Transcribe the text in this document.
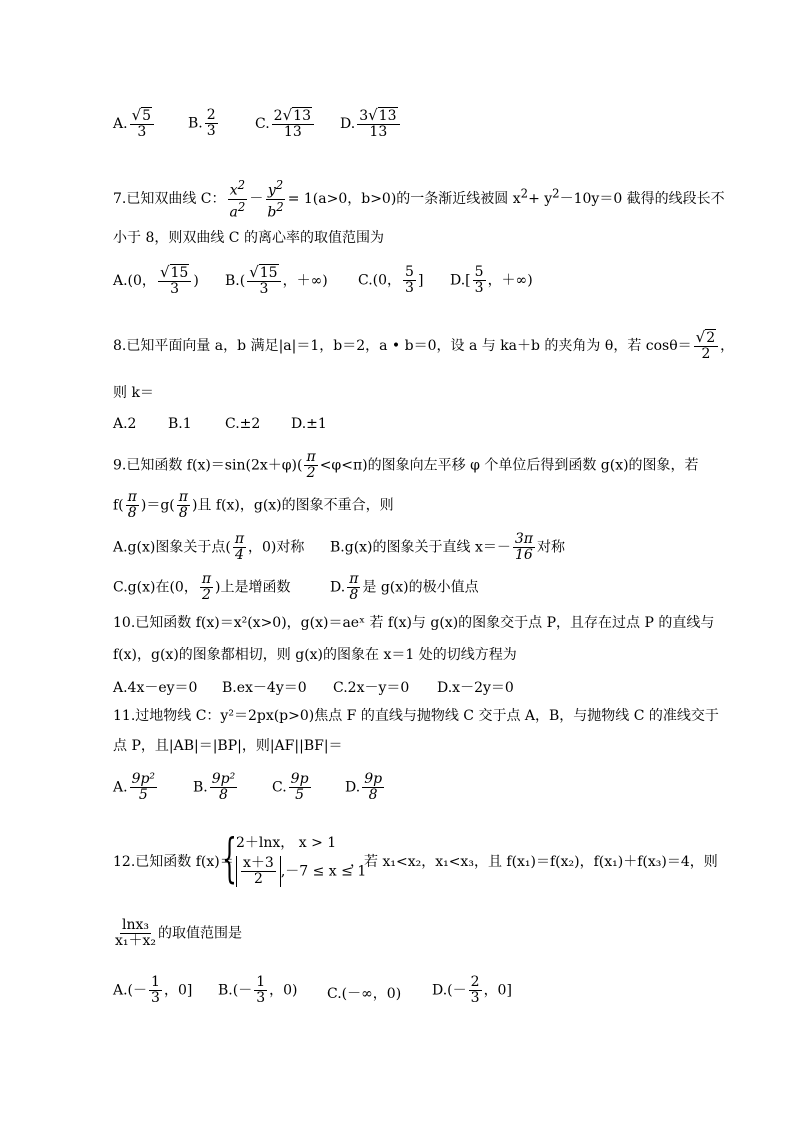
A. $\frac{√5}{3} B$. $\frac{2}{3}$	C. $\frac{2√13}{13} D$. $\frac{3√13}{13}$
7.已知双曲线 C： $\frac{x^2}{a^2} - \frac{y^2}{b^2} = 1(a>0$，b>0)的一条渐近线被圆 $x^2+ y^2-10y=0$ 截得的线段长不
小于 8，则双曲线 C 的离心率的取值范围为
A.(0， $\frac{√15}{3}$ ) $B.( \frac{√15}{3}$ ，＋∞) C.(0， $\frac{5}{3}$ ] $D.[ \frac{5}{3}$ ，＋∞)
8.已知平面向量 a，b 满足|a|＝1，b＝2，a • b＝0，设 a 与 ka＋b 的夹角为 θ，若 $\cos\theta= \frac{√2}{2}$ ，
则 k＝
A.2 B.1 C.±2 D.±1
9.已知函数 $f(x)=\sin(2x+\varphi)( \frac{\pi}{2} <\varphi<\pi)$的图象向左平移 φ 个单位后得到函数 g(x)的图象，若
$f( \frac{\pi}{8} )=g( \frac{\pi}{8}$ )且 f(x)，g(x)的图象不重合，则
A.g(x)图象关于点( $\frac{\pi}{4}$ ，0)对称 B.g(x)的图象关于直线 $x=- \frac{3\pi}{16}$ 对称
C.g(x)在(0， $\frac{\pi}{2}$ )上是增函数	D. $\frac{\pi}{8}$ 是 g(x)的极小值点
10.已知函数 f(x)＝x²(x>0)，g(x)＝aeˣ 若 f(x)与 g(x)的图象交于点 P，且存在过点 P 的直线与
f(x)，g(x)的图象都相切，则 g(x)的图象在 x＝1 处的切线方程为
A.4x－ey＝0 B.ex－4y＝0 C.2x－y＝0 D.x－2y＝0
11.过地物线 C：y²＝2px(p>0)焦点 F 的直线与抛物线 C 交于点 A，B，与抛物线 C 的准线交于
点 P，且|AB|＝|BP|，则|AF||BF|＝
A. $\frac{\text{9p²}}{5}$	B. $\frac{\text{9p²}}{8} C$. $\frac{9p}{5} D$. $\frac{9p}{8}$
12.已知函数 f(x)＝
{ 2＋lnx， x > 1
$\frac{x+3}{2} ,-7 \le x \le 1$
，若 x₁<x₂，x₁<x₃，且 f(x₁)＝f(x₂)，f(x₁)＋f(x₃)＝4，则
$\frac{\text{lnx₃}}{\text{x₁＋x₂}}$ 的取值范围是
$A.(- \frac{1}{3}$ ，0] $B.(- \frac{1}{3}$ ，0) C.(－∞，0) $D.(- \frac{2}{3}$ ，0]
